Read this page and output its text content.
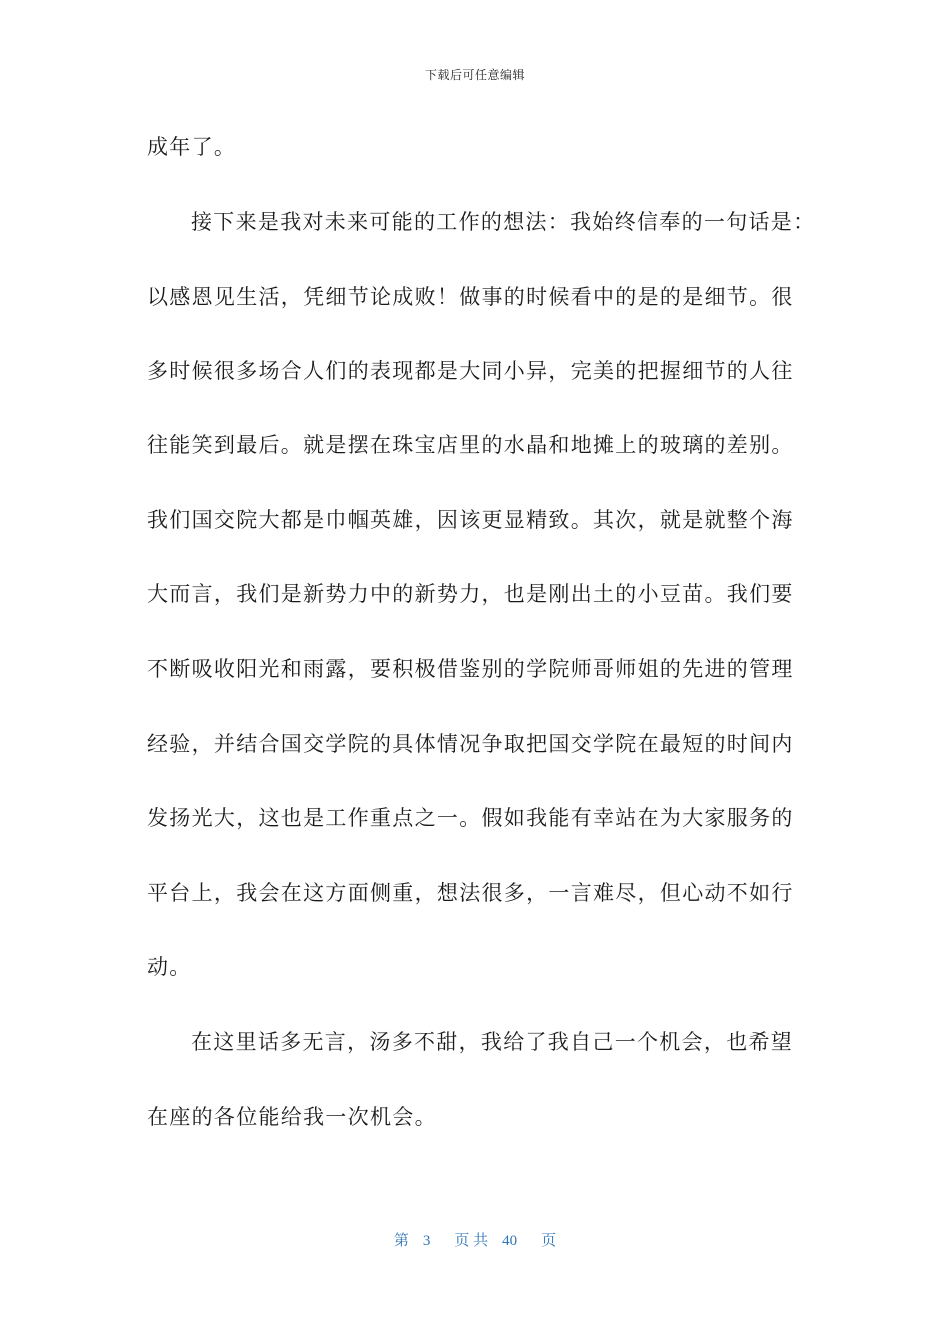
下载后可任意编辑
成年了。
接下来是我对未来可能的工作的想法：我始终信奉的一句话是：
以感恩见生活，凭细节论成败！做事的时候看中的是的是细节。很
多时候很多场合人们的表现都是大同小异，完美的把握细节的人往
往能笑到最后。就是摆在珠宝店里的水晶和地摊上的玻璃的差别。
我们国交院大都是巾帼英雄，因该更显精致。其次，就是就整个海
大而言，我们是新势力中的新势力，也是刚出土的小豆苗。我们要
不断吸收阳光和雨露，要积极借鉴别的学院师哥师姐的先进的管理
经验，并结合国交学院的具体情况争取把国交学院在最短的时间内
发扬光大，这也是工作重点之一。假如我能有幸站在为大家服务的
平台上，我会在这方面侧重，想法很多，一言难尽，但心动不如行
动。
在这里话多无言，汤多不甜，我给了我自己一个机会，也希望
在座的各位能给我一次机会。
第 3 页 共 40 页
